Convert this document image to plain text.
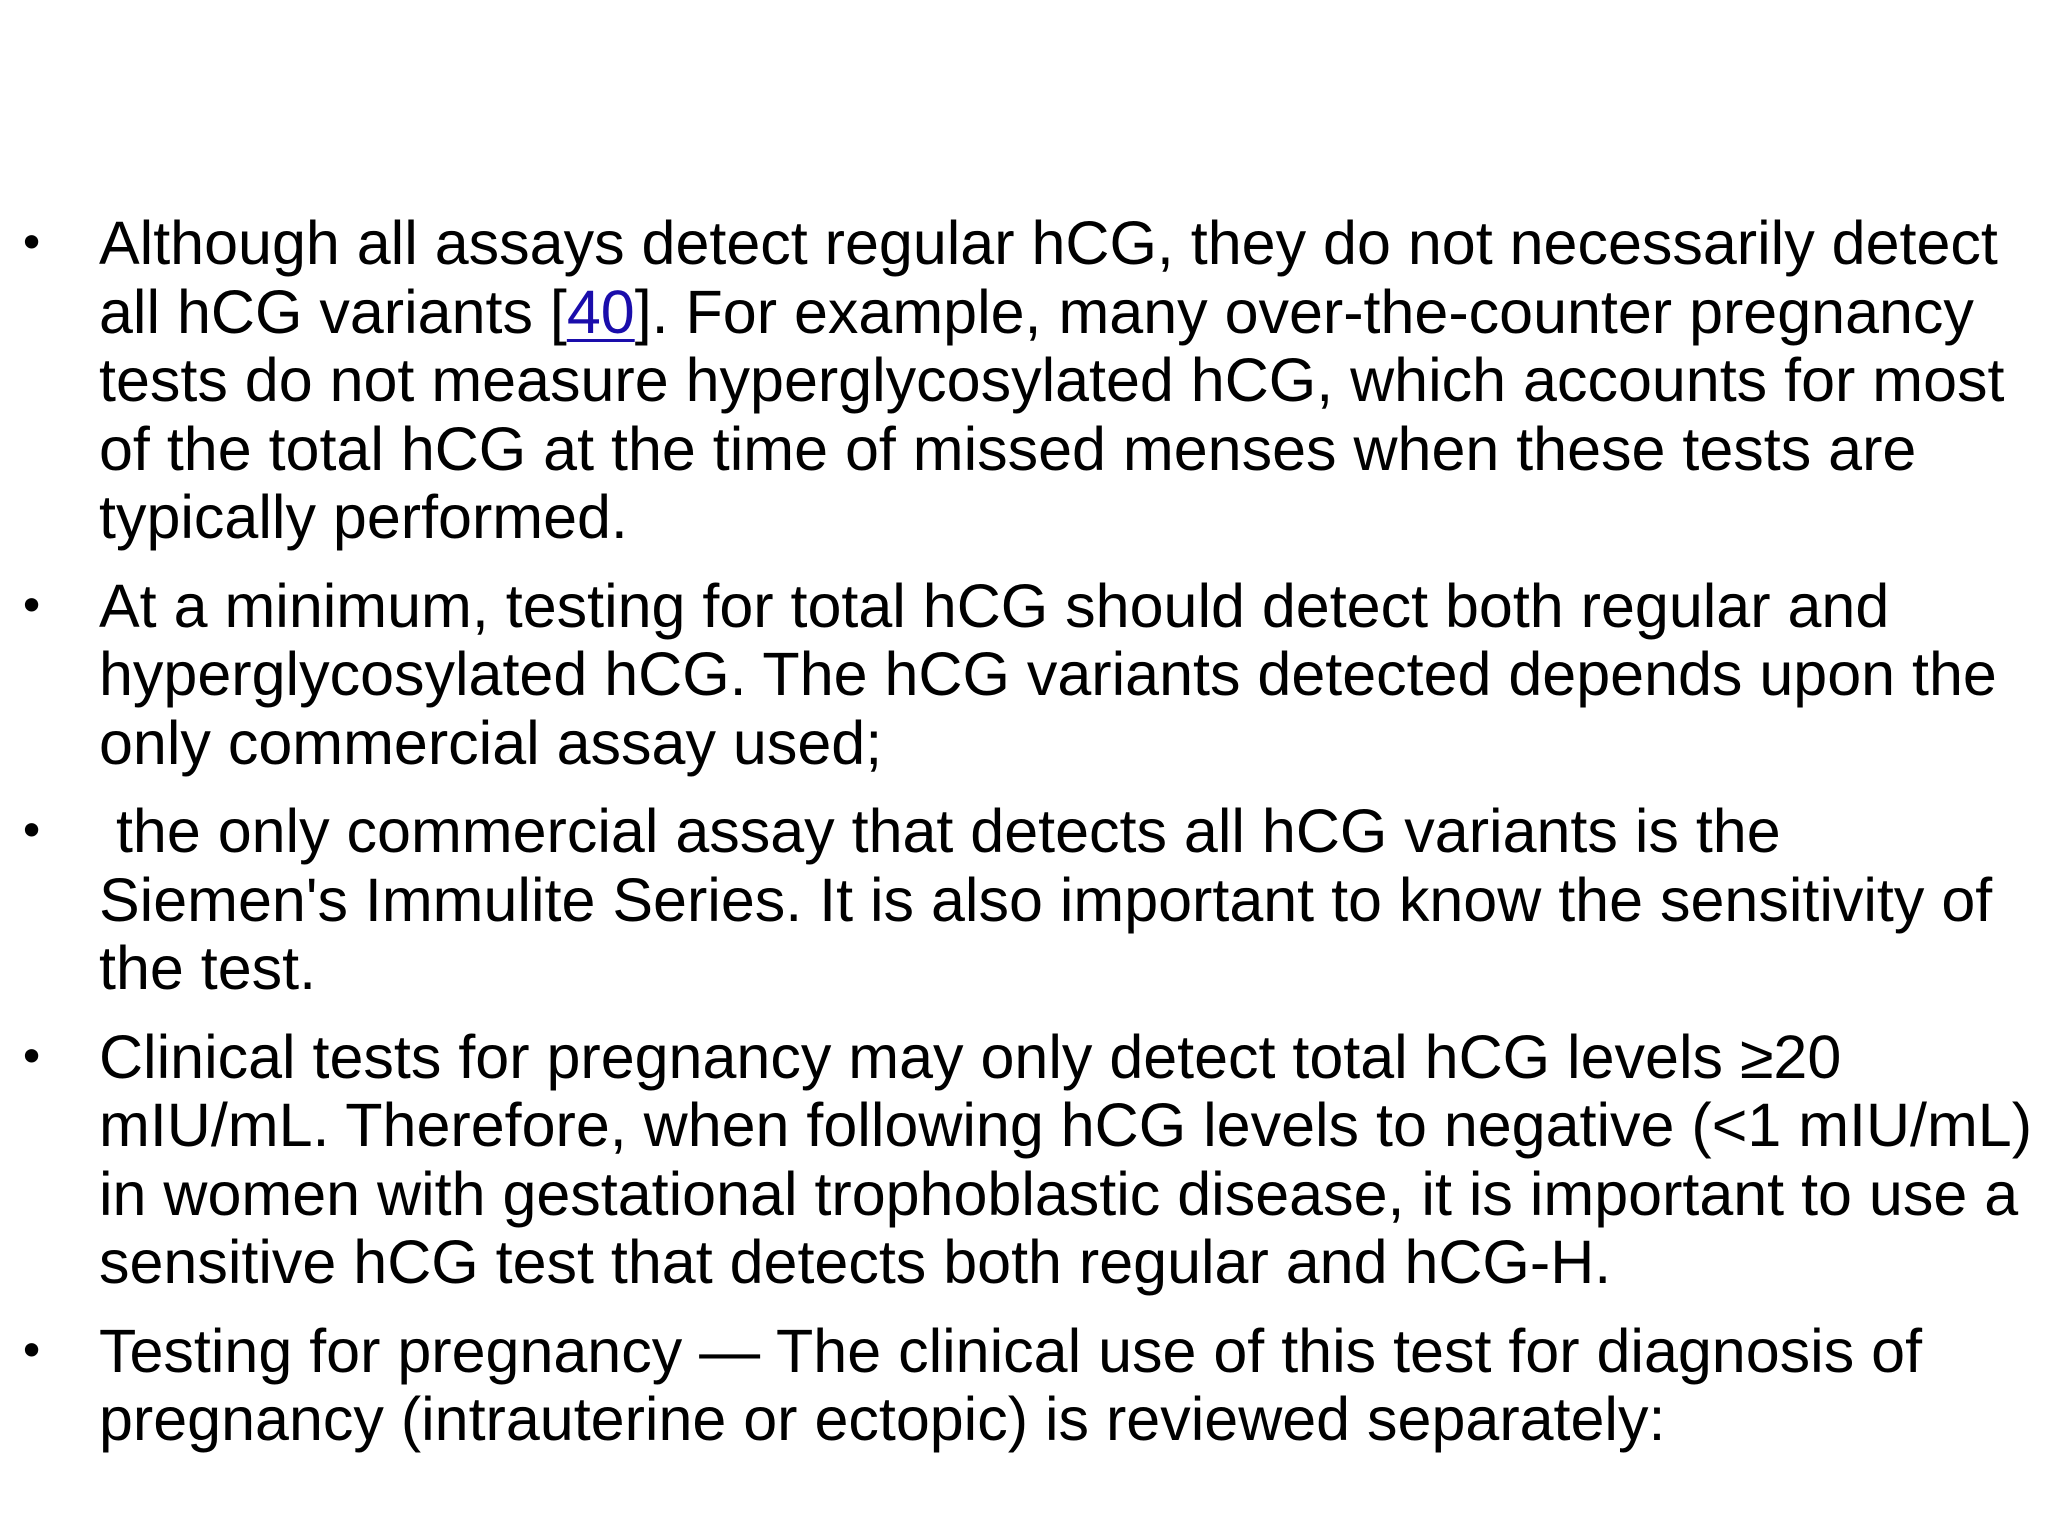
• Although all assays detect regular hCG, they do not necessarily detect all hCG variants [40]. For example, many over-the-counter pregnancy tests do not measure hyperglycosylated hCG, which accounts for most of the total hCG at the time of missed menses when these tests are typically performed.
• At a minimum, testing for total hCG should detect both regular and hyperglycosylated hCG. The hCG variants detected depends upon the only commercial assay used;
• the only commercial assay that detects all hCG variants is the Siemen's Immulite Series. It is also important to know the sensitivity of the test.
• Clinical tests for pregnancy may only detect total hCG levels ≥20 mIU/mL. Therefore, when following hCG levels to negative (<1 mIU/mL) in women with gestational trophoblastic disease, it is important to use a sensitive hCG test that detects both regular and hCG-H.
• Testing for pregnancy — The clinical use of this test for diagnosis of pregnancy (intrauterine or ectopic) is reviewed separately:
